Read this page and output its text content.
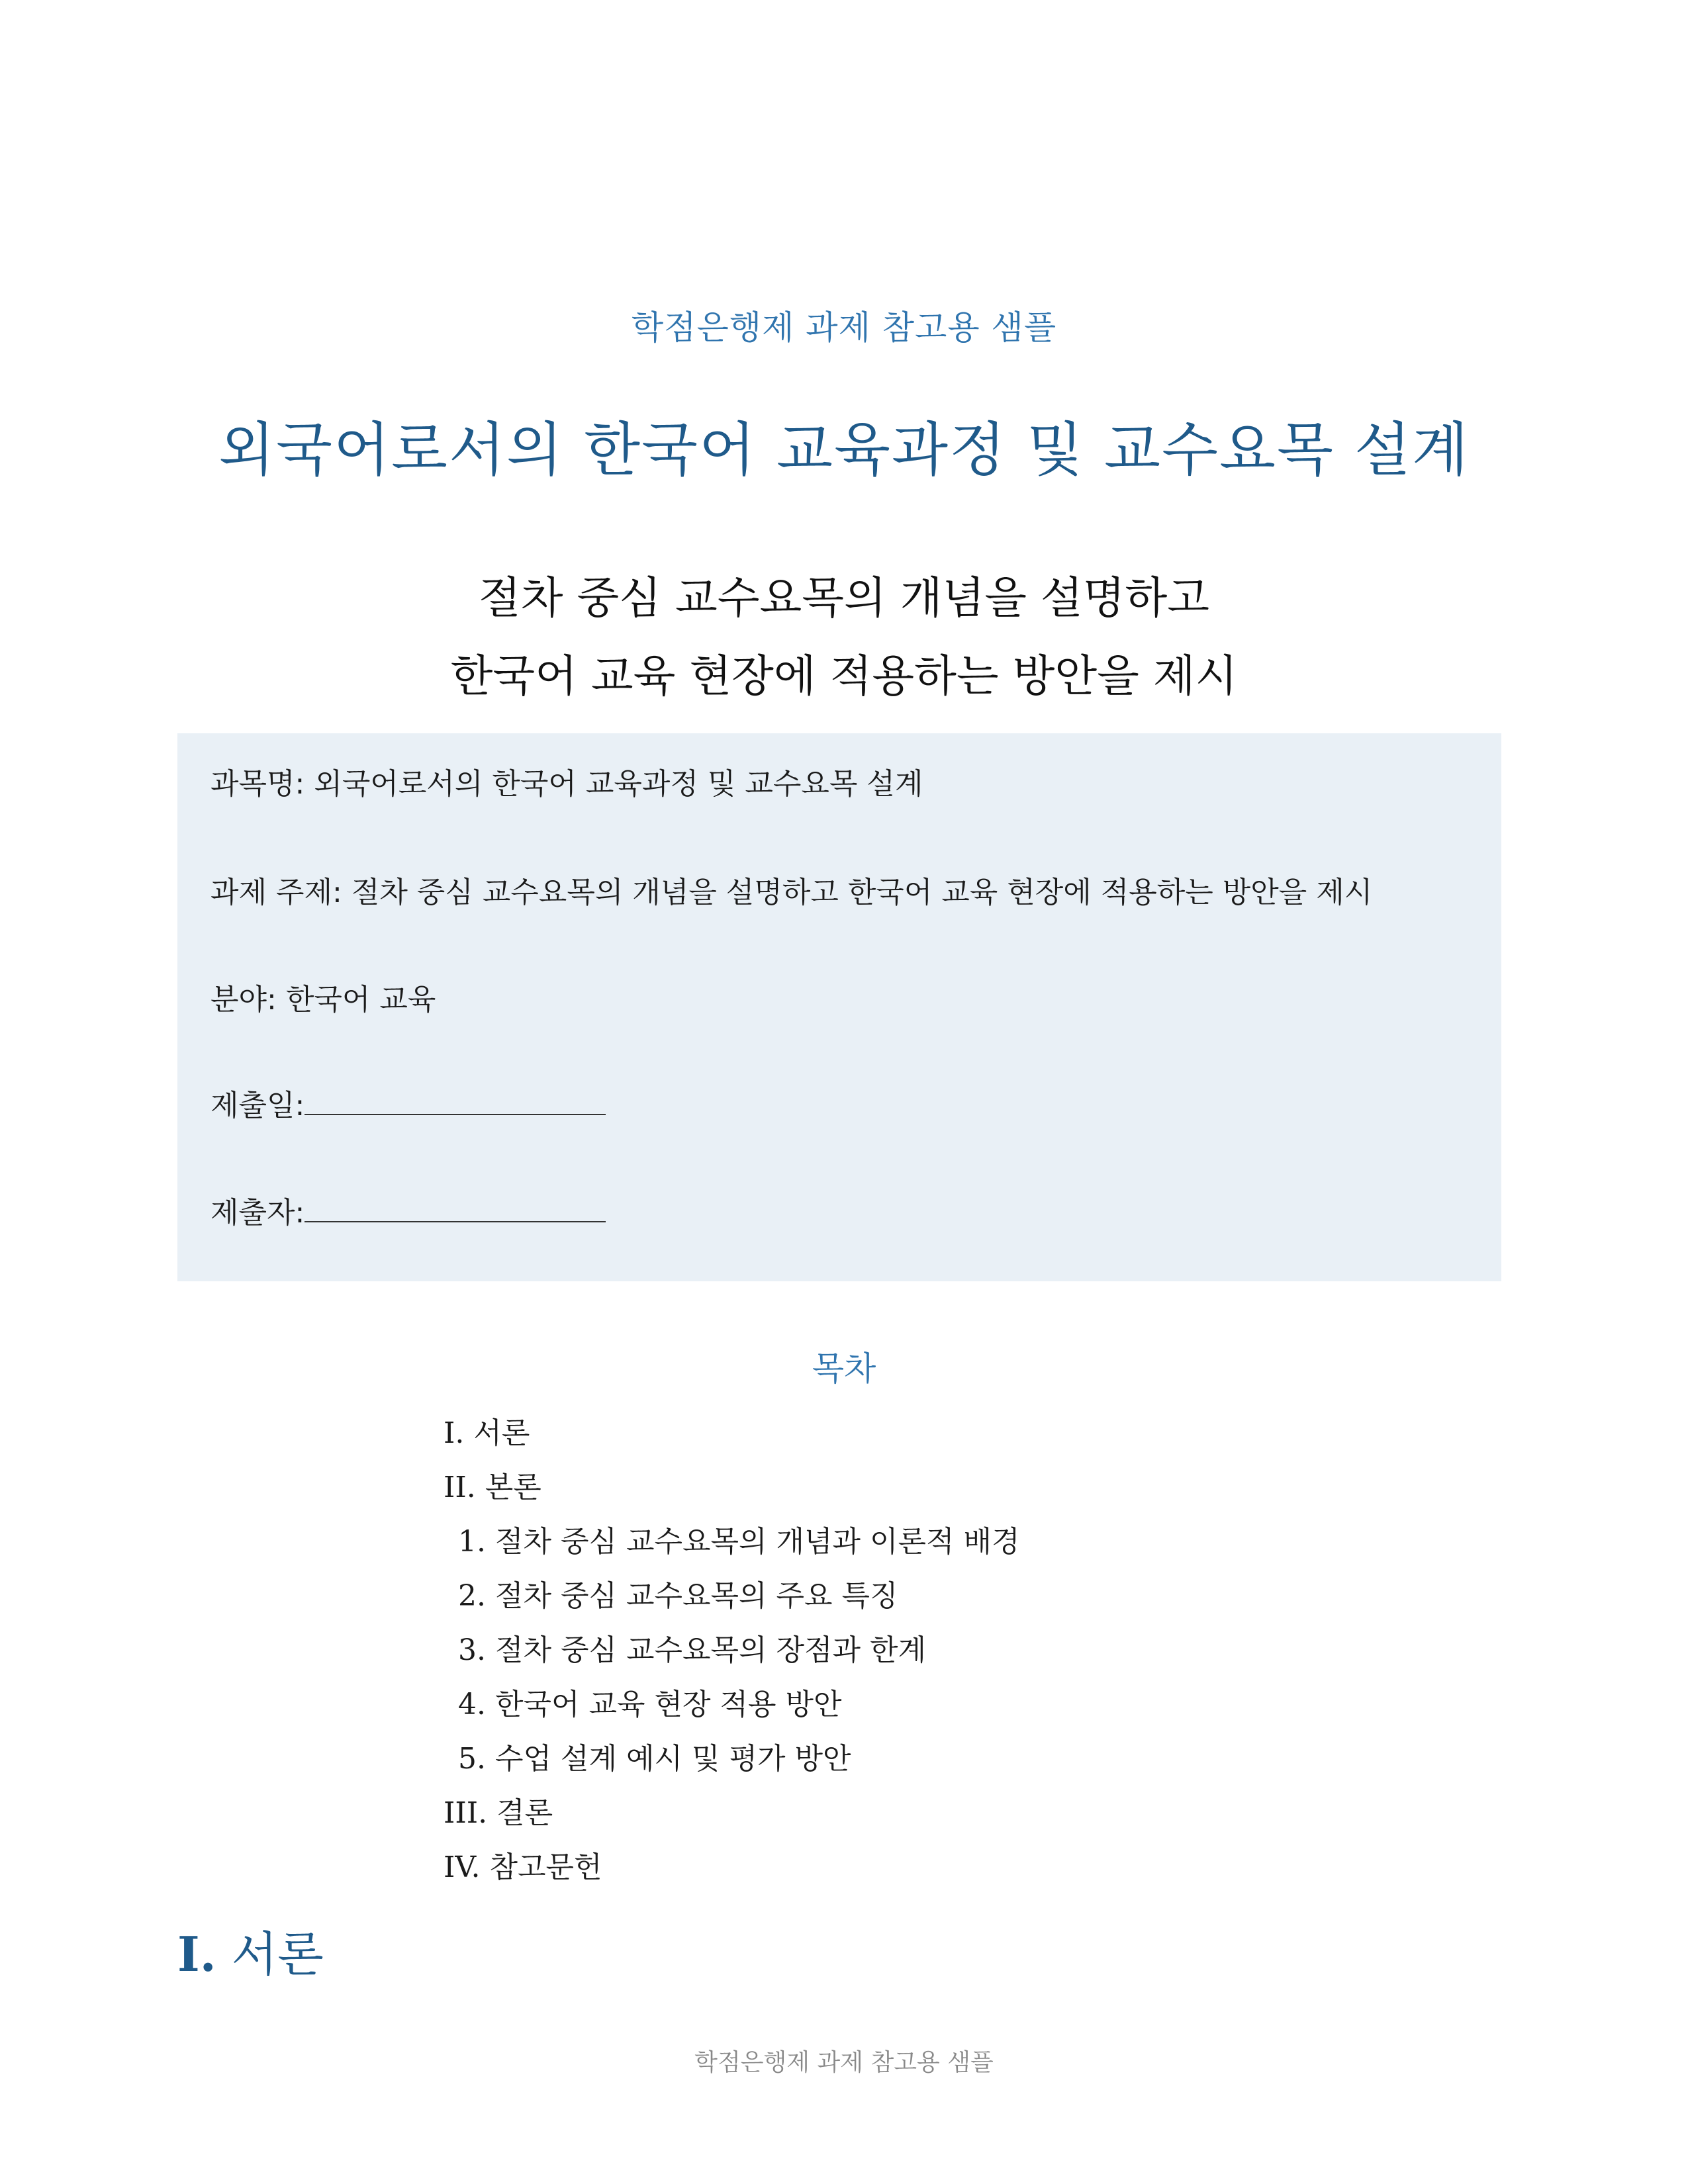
학점은행제 과제 참고용 샘플
외국어로서의 한국어 교육과정 및 교수요목 설계
절차 중심 교수요목의 개념을 설명하고
한국어 교육 현장에 적용하는 방안을 제시
과목명: 외국어로서의 한국어 교육과정 및 교수요목 설계
과제 주제: 절차 중심 교수요목의 개념을 설명하고 한국어 교육 현장에 적용하는 방안을 제시
분야: 한국어 교육
제출일:
제출자:
목차
I. 서론
II. 본론
1. 절차 중심 교수요목의 개념과 이론적 배경
2. 절차 중심 교수요목의 주요 특징
3. 절차 중심 교수요목의 장점과 한계
4. 한국어 교육 현장 적용 방안
5. 수업 설계 예시 및 평가 방안
III. 결론
IV. 참고문헌
I. 서론
학점은행제 과제 참고용 샘플
